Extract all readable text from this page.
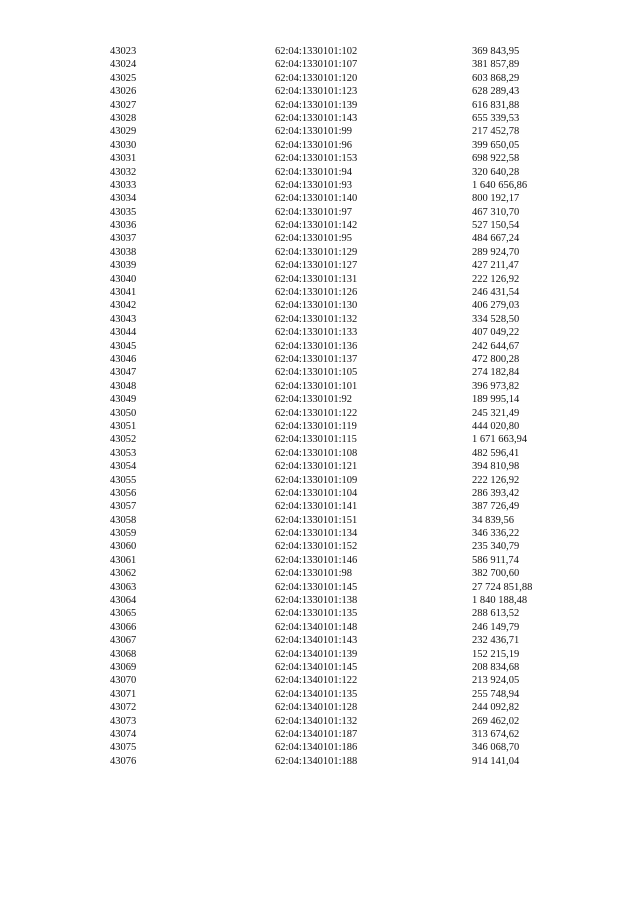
43023	62:04:1330101:102	369 843,95
43024	62:04:1330101:107	381 857,89
43025	62:04:1330101:120	603 868,29
43026	62:04:1330101:123	628 289,43
43027	62:04:1330101:139	616 831,88
43028	62:04:1330101:143	655 339,53
43029	62:04:1330101:99	217 452,78
43030	62:04:1330101:96	399 650,05
43031	62:04:1330101:153	698 922,58
43032	62:04:1330101:94	320 640,28
43033	62:04:1330101:93	1 640 656,86
43034	62:04:1330101:140	800 192,17
43035	62:04:1330101:97	467 310,70
43036	62:04:1330101:142	527 150,54
43037	62:04:1330101:95	484 667,24
43038	62:04:1330101:129	289 924,70
43039	62:04:1330101:127	427 211,47
43040	62:04:1330101:131	222 126,92
43041	62:04:1330101:126	246 431,54
43042	62:04:1330101:130	406 279,03
43043	62:04:1330101:132	334 528,50
43044	62:04:1330101:133	407 049,22
43045	62:04:1330101:136	242 644,67
43046	62:04:1330101:137	472 800,28
43047	62:04:1330101:105	274 182,84
43048	62:04:1330101:101	396 973,82
43049	62:04:1330101:92	189 995,14
43050	62:04:1330101:122	245 321,49
43051	62:04:1330101:119	444 020,80
43052	62:04:1330101:115	1 671 663,94
43053	62:04:1330101:108	482 596,41
43054	62:04:1330101:121	394 810,98
43055	62:04:1330101:109	222 126,92
43056	62:04:1330101:104	286 393,42
43057	62:04:1330101:141	387 726,49
43058	62:04:1330101:151	34 839,56
43059	62:04:1330101:134	346 336,22
43060	62:04:1330101:152	235 340,79
43061	62:04:1330101:146	586 911,74
43062	62:04:1330101:98	382 700,60
43063	62:04:1330101:145	27 724 851,88
43064	62:04:1330101:138	1 840 188,48
43065	62:04:1330101:135	288 613,52
43066	62:04:1340101:148	246 149,79
43067	62:04:1340101:143	232 436,71
43068	62:04:1340101:139	152 215,19
43069	62:04:1340101:145	208 834,68
43070	62:04:1340101:122	213 924,05
43071	62:04:1340101:135	255 748,94
43072	62:04:1340101:128	244 092,82
43073	62:04:1340101:132	269 462,02
43074	62:04:1340101:187	313 674,62
43075	62:04:1340101:186	346 068,70
43076	62:04:1340101:188	914 141,04
